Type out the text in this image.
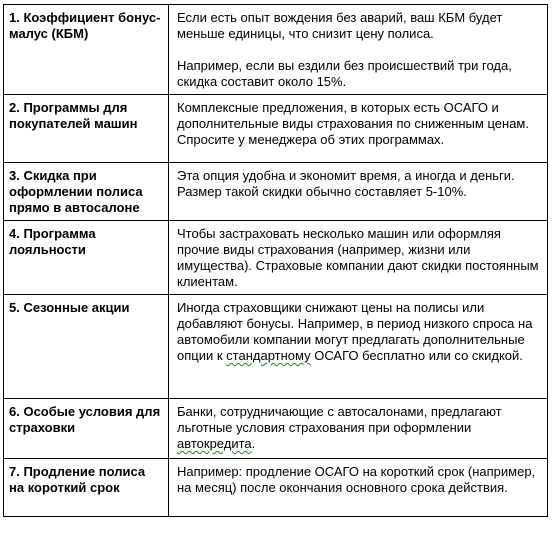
1. Коэффициент бонус-малус (КБМ)	Если есть опыт вождения без аварий, ваш КБМ будет меньше единицы, что снизит цену полиса.
Например, если вы ездили без происшествий три года, скидка составит около 15%.

2. Программы для покупателей машин	Комплексные предложения, в которых есть ОСАГО и дополнительные виды страхования по сниженным ценам. Спросите у менеджера об этих программах.

3. Скидка при оформлении полиса прямо в автосалоне	Эта опция удобна и экономит время, а иногда и деньги. Размер такой скидки обычно составляет 5-10%.

4. Программа лояльности	Чтобы застраховать несколько машин или оформляя прочие виды страхования (например, жизни или имущества). Страховые компании дают скидки постоянным клиентам.

5. Сезонные акции	Иногда страховщики снижают цены на полисы или добавляют бонусы. Например, в период низкого спроса на автомобили компании могут предлагать дополнительные опции к стандартному ОСАГО бесплатно или со скидкой.

6. Особые условия для страховки	Банки, сотрудничающие с автосалонами, предлагают льготные условия страхования при оформлении автокредита.

7. Продление полиса на короткий срок	Например: продление ОСАГО на короткий срок (например, на месяц) после окончания основного срока действия.
